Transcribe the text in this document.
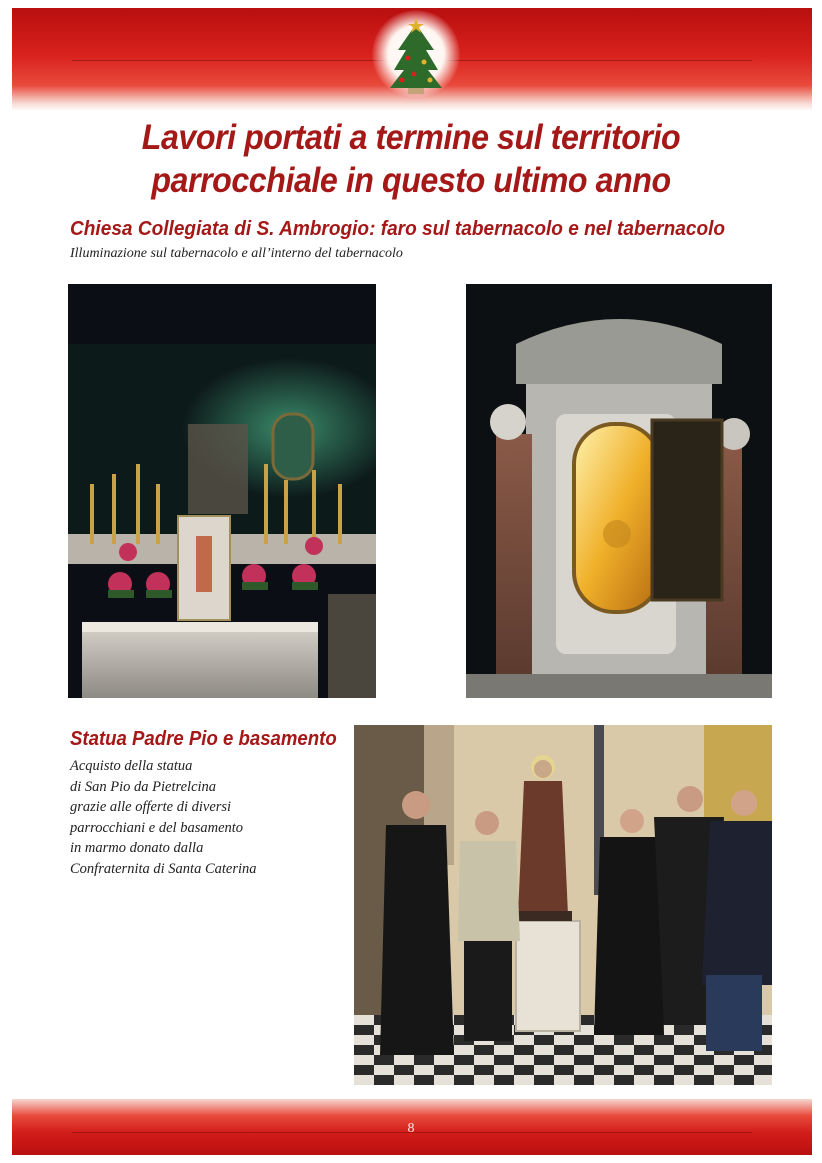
Lavori portati a termine sul territorio
parrocchiale in questo ultimo anno
Chiesa Collegiata di S. Ambrogio: faro sul tabernacolo e nel tabernacolo
Illuminazione sul tabernacolo e all’interno del tabernacolo
Statua Padre Pio e basamento
Acquisto della statua
di San Pio da Pietrelcina
grazie alle offerte di diversi
parrocchiani e del basamento
in marmo donato dalla
Confraternita di Santa Caterina
8
